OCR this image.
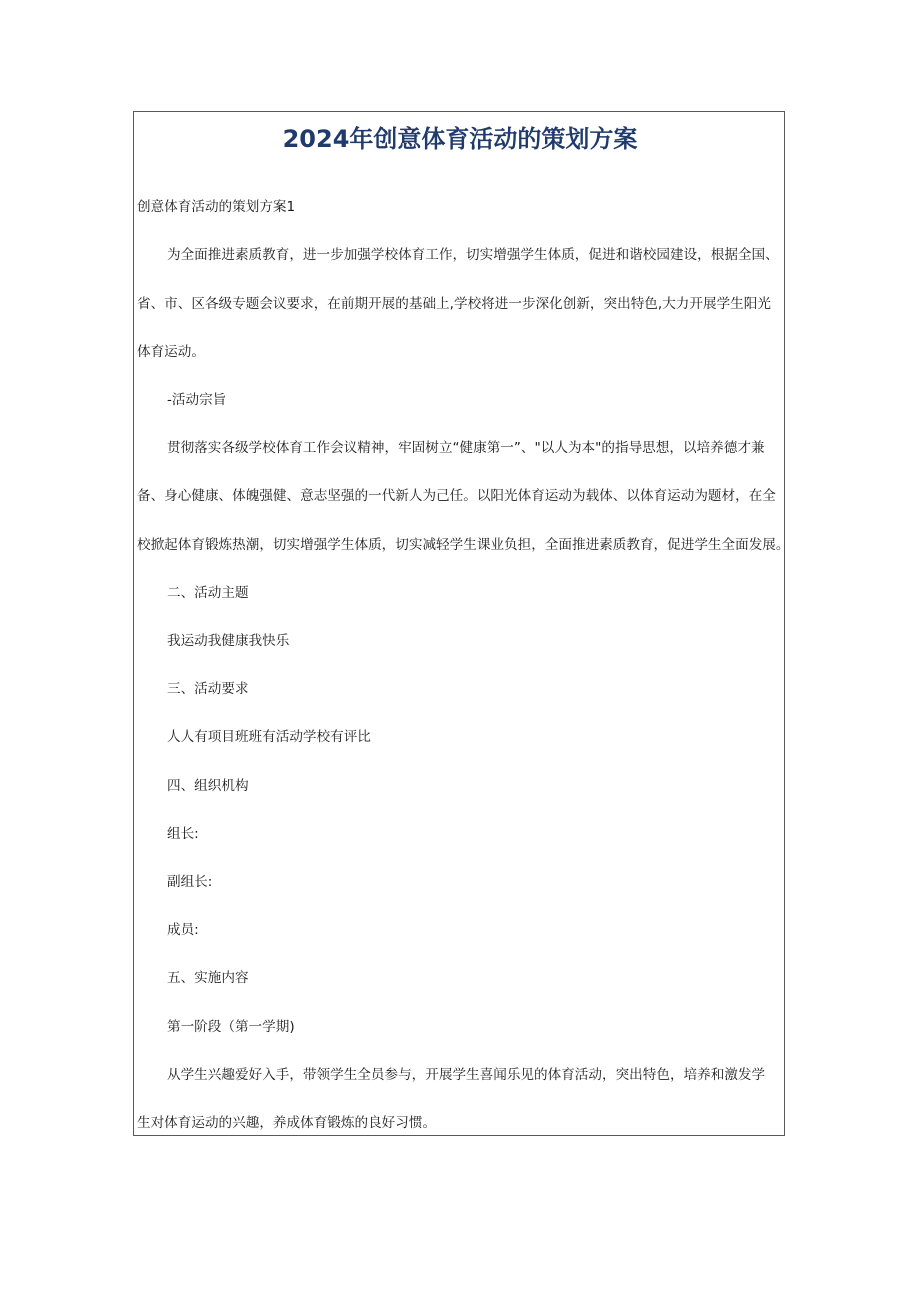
2024年创意体育活动的策划方案
创意体育活动的策划方案1
为全面推进素质教育，进一步加强学校体育工作，切实增强学生体质，促进和谐校园建设，根据全国、
省、市、区各级专题会议要求，在前期开展的基础上,学校将进一步深化创新，突出特色,大力开展学生阳光
体育运动。
-活动宗旨
贯彻落实各级学校体育工作会议精神，牢固树立“健康第一”、"以人为本"的指导思想，以培养德才兼
备、身心健康、体魄强健、意志坚强的一代新人为己任。以阳光体育运动为载体、以体育运动为题材，在全
校掀起体育锻炼热潮，切实增强学生体质，切实减轻学生课业负担，全面推进素质教育，促进学生全面发展。
二、活动主题
我运动我健康我快乐
三、活动要求
人人有项目班班有活动学校有评比
四、组织机构
组长:
副组长:
成员:
五、实施内容
第一阶段（第一学期)
从学生兴趣爱好入手，带领学生全员参与，开展学生喜闻乐见的体育活动，突出特色，培养和激发学
生对体育运动的兴趣，养成体育锻炼的良好习惯。
